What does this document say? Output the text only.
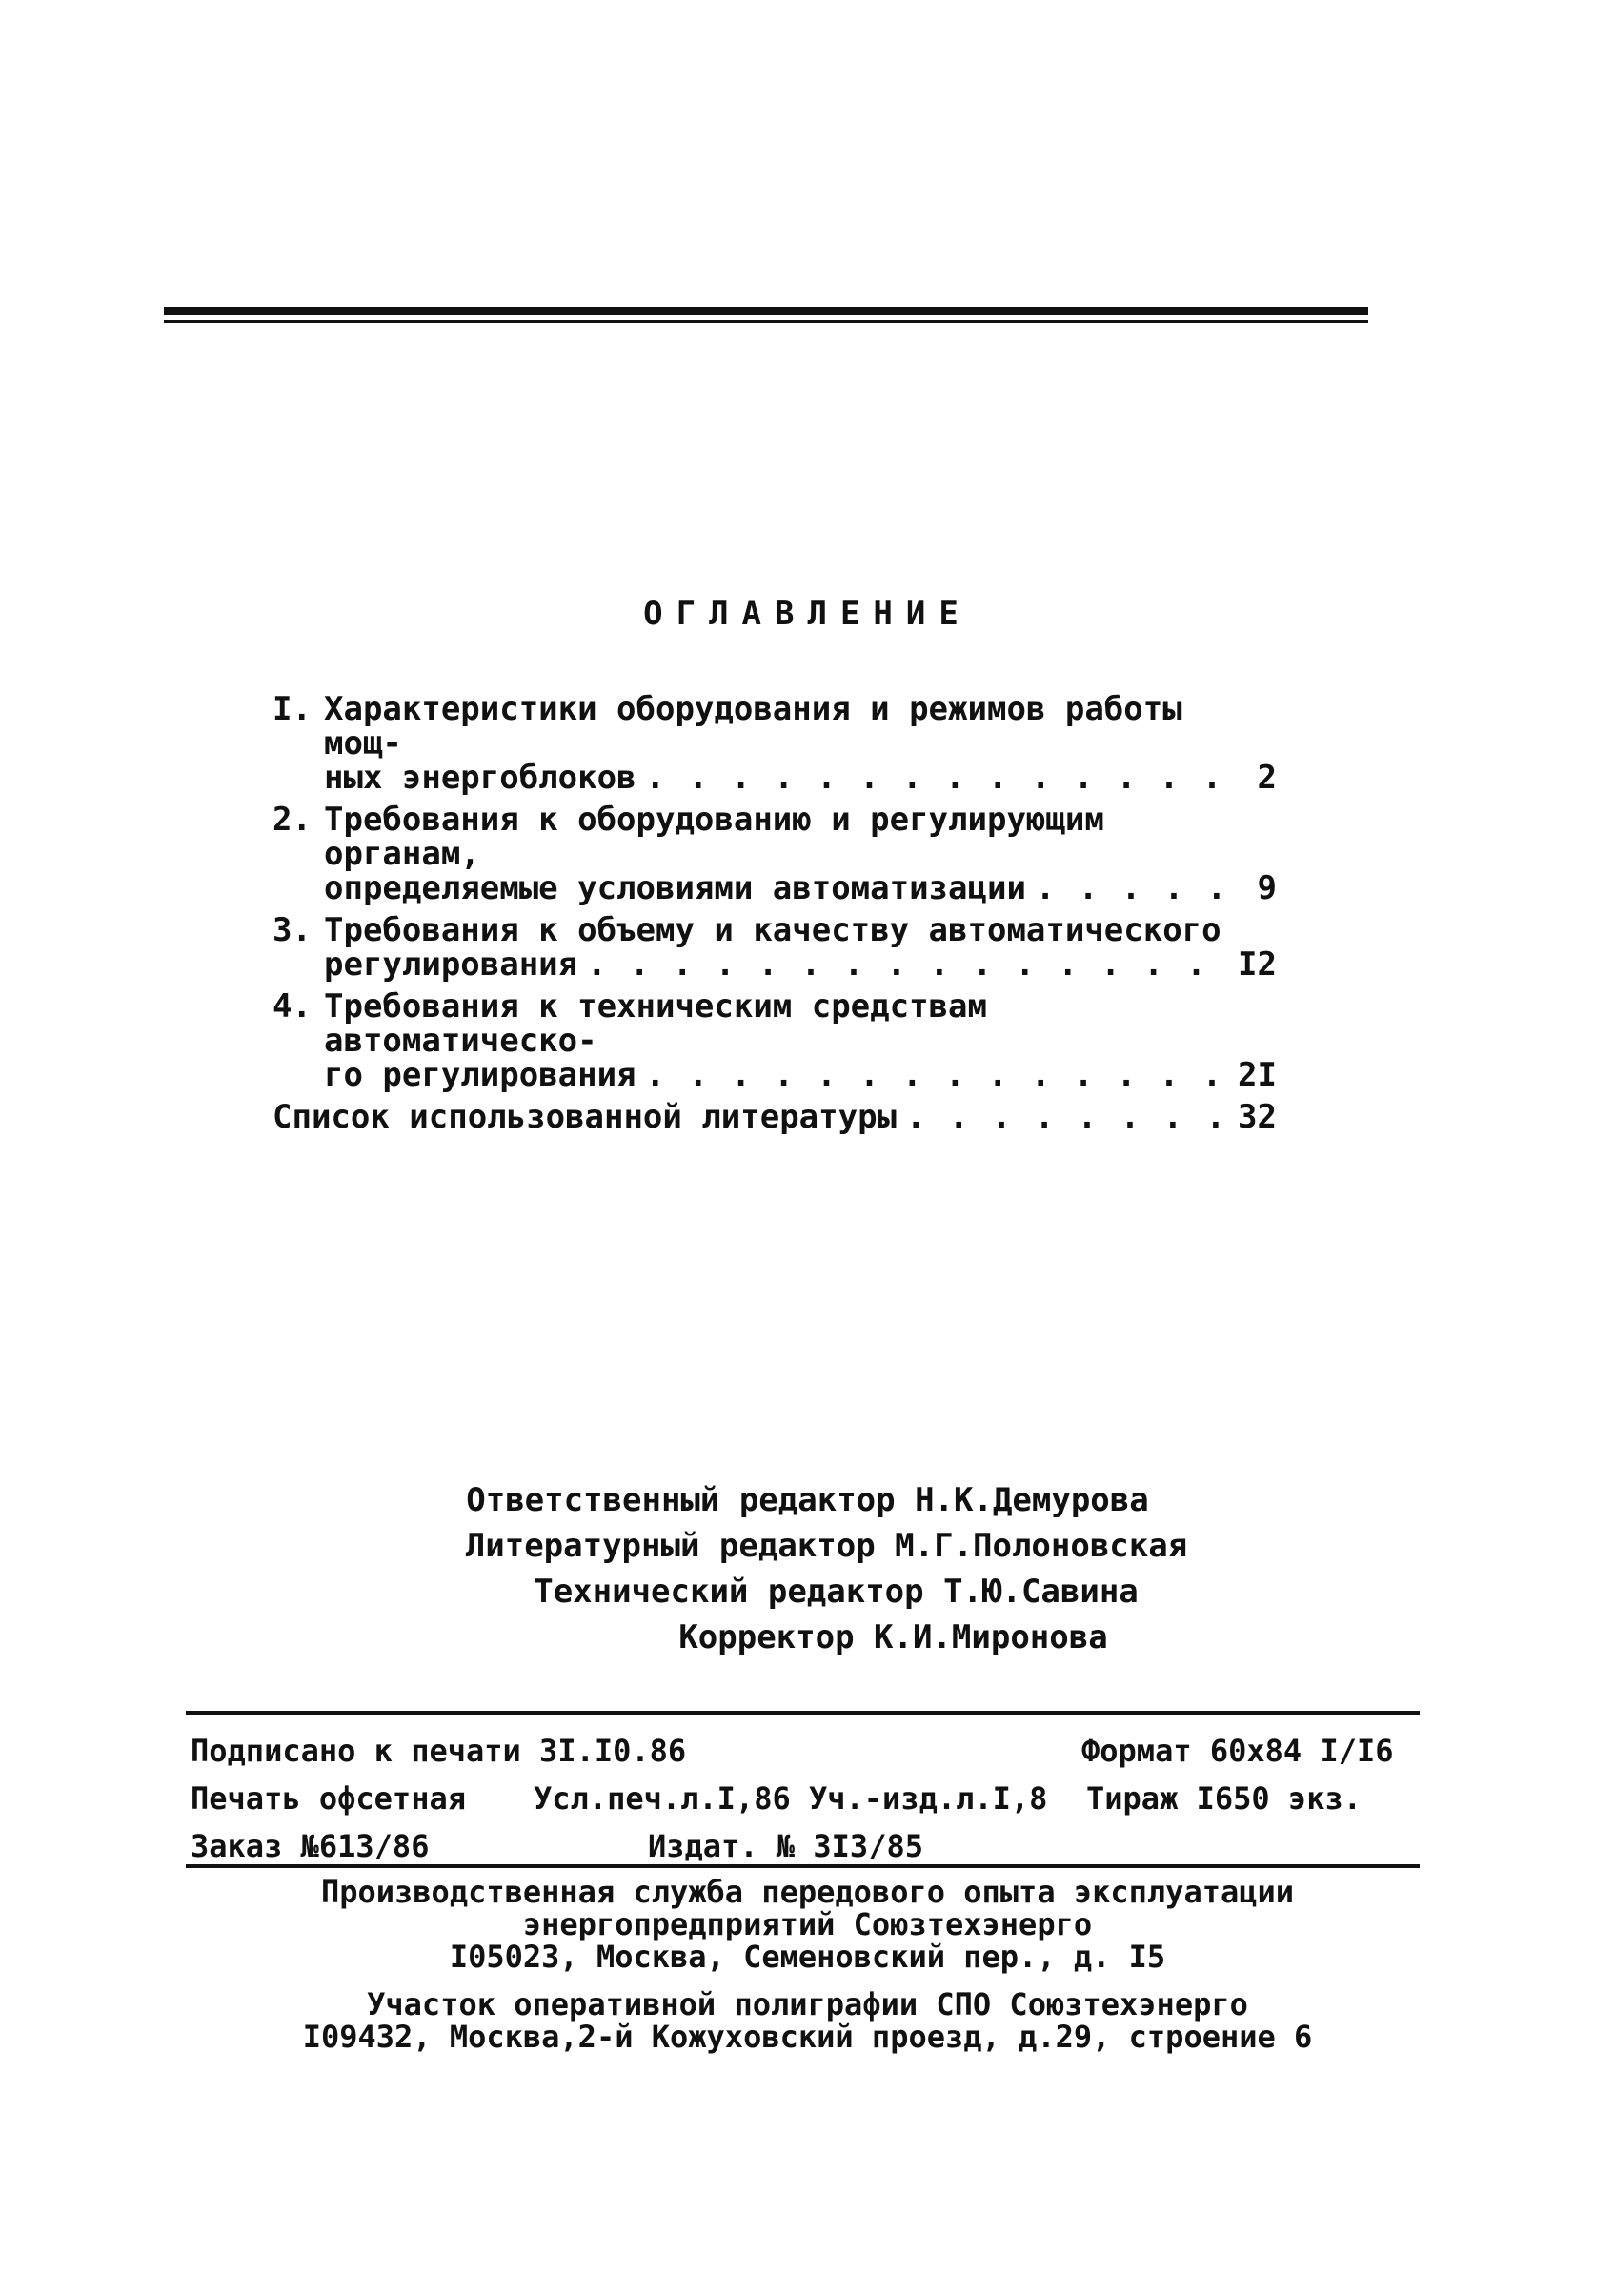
ОГЛАВЛЕНИЕ
I. Характеристики оборудования и режимов работы мощ-
ных энергоблоков . . .	2
2. Требования к оборудованию и регулирующим органам,
определяемые условиями автоматизации . . .	9
3. Требования к объему и качеству автоматического
регулирования . . .	I2
4. Требования к техническим средствам автоматическо-
го регулирования . . .	2I
Список использованной литературы . . .	32
Ответственный редактор Н.К.Демурова
Литературный редактор М.Г.Полоновская
Технический редактор Т.Ю.Савина
Корректор К.И.Миронова
Подписано к печати 3I.I0.86	Формат 60х84 I/I6
Печать офсетная Усл.печ.л.I,86 Уч.-изд.л.I,8 Тираж I650 экз.
Заказ №613/86	Издат. № 3I3/85
Производственная служба передового опыта эксплуатации
энергопредприятий Союзтехэнерго
I05023, Москва, Семеновский пер., д. I5
Участок оперативной полиграфии СПО Союзтехэнерго
I09432, Москва,2-й Кожуховский проезд, д.29, строение 6
